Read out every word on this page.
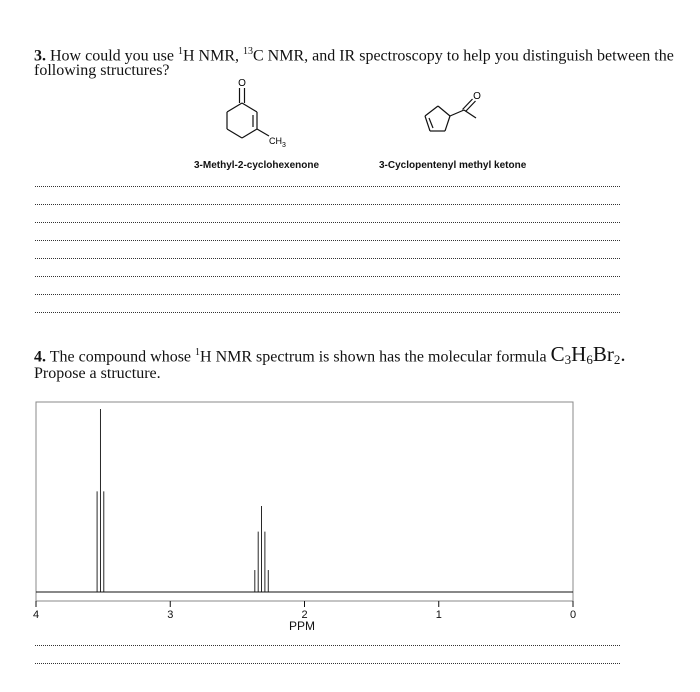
3. How could you use $^1$H NMR, $^{13}$C NMR, and IR spectroscopy to help you distinguish between the
following structures?
O
$CH_3$
3-Methyl-2-cyclohexenone
O
3-Cyclopentenyl methyl ketone
4. The compound whose $^1$H NMR spectrum is shown has the molecular formula $C_3H_6Br_2$.
Propose a structure.
4	3	2	1	0
PPM
